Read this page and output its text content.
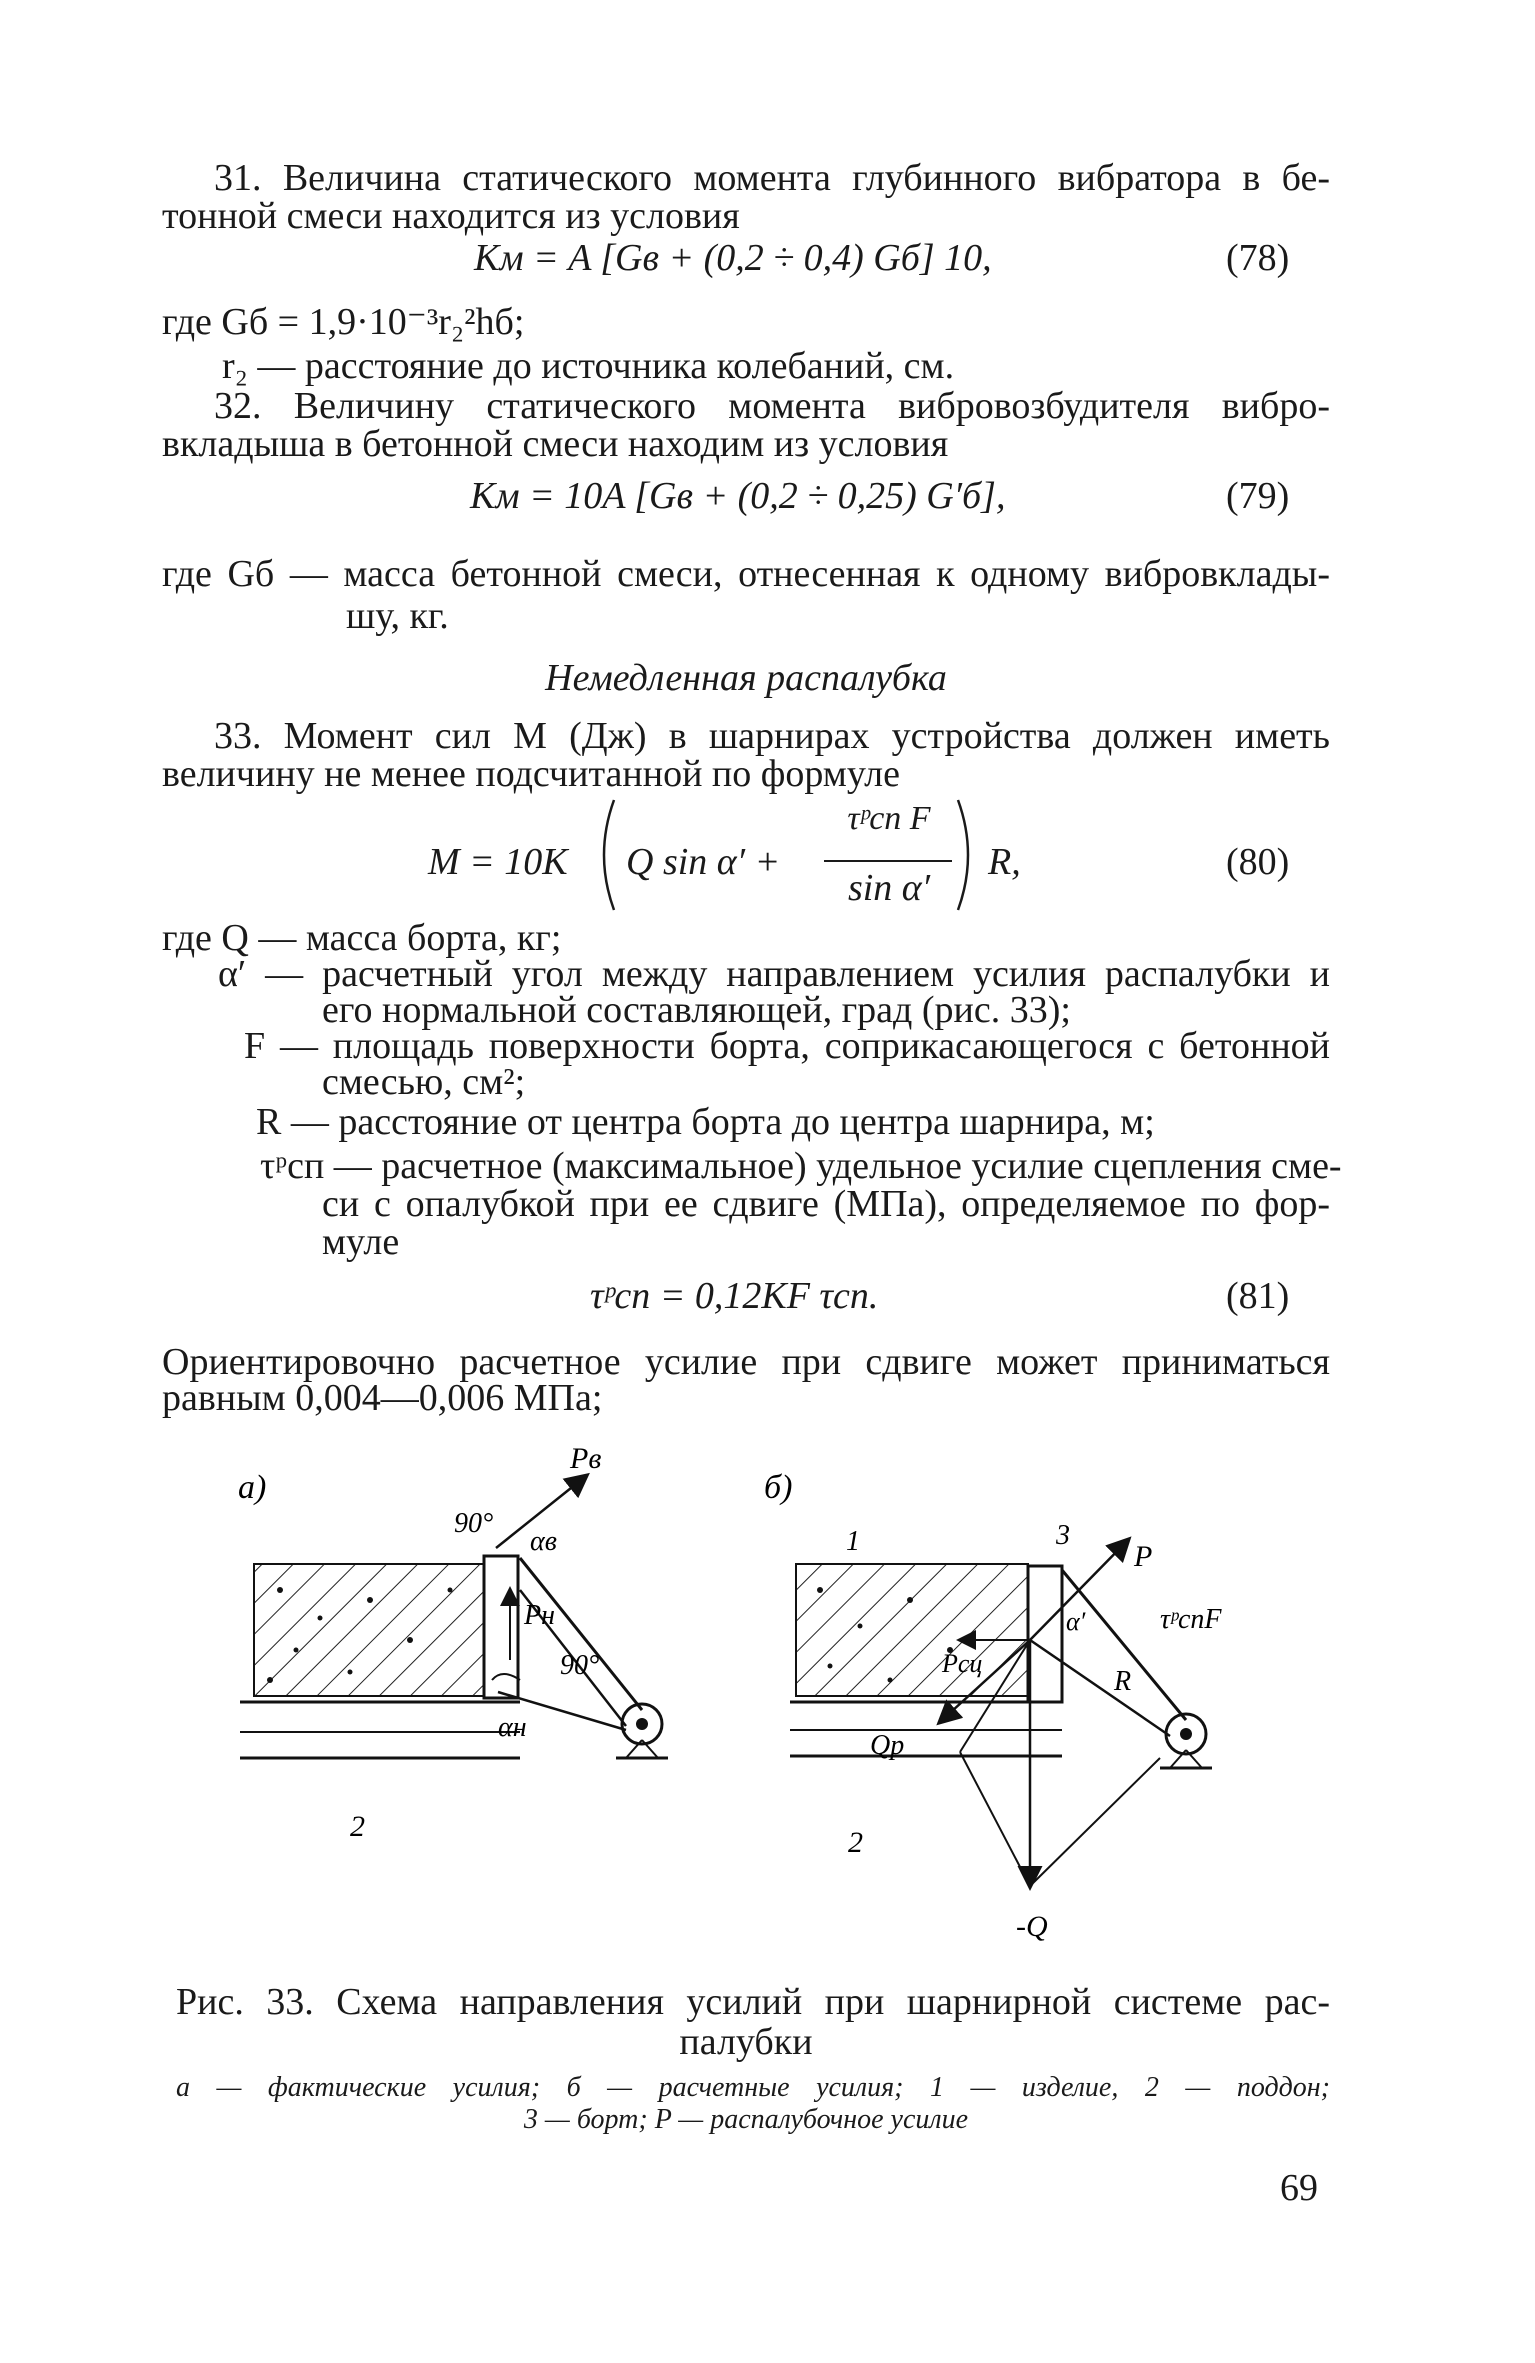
31. Величина статического момента глубинного вибратора в бе-
тонной смеси находится из условия
Kм = A [Gв + (0,2 ÷ 0,4) Gб] 10,	(78)
где Gб = 1,9·10⁻³r₂²hб;
r₂ — расстояние до источника колебаний, см.
32. Величину статического момента вибровозбудителя вибро-
вкладыша в бетонной смеси находим из условия
Kм = 10A [Gв + (0,2 ÷ 0,25) G′б],	(79)
где Gб — масса бетонной смеси, отнесенная к одному вибровклады-
шу, кг.
Немедленная распалубка
33. Момент сил M (Дж) в шарнирах устройства должен иметь
величину не менее подсчитанной по формуле
M = 10K Q sin α′ +
τᵖсп F
sin α′
R,	(80)
где Q — масса борта, кг;
α′ — расчетный угол между направлением усилия распалубки и
его нормальной составляющей, град (рис. 33);
F — площадь поверхности борта, соприкасающегося с бетонной
смесью, см²;
R — расстояние от центра борта до центра шарнира, м;
τᵖсп — расчетное (максимальное) удельное усилие сцепления сме-
си с опалубкой при ее сдвиге (МПа), определяемое по фор-
муле
τᵖсп = 0,12KF τсп.	(81)
Ориентировочно расчетное усилие при сдвиге может приниматься
равным 0,004—0,006 МПа;
а)
Pв
90°
αв
Pн
90°
αн
2
б)
1	3
P
τᵖспF
α′
Pсц
R
Qp
2
-Q
Рис. 33. Схема направления усилий при шарнирной системе рас-
палубки
а — фактические усилия; б — расчетные усилия; 1 — изделие, 2 — поддон;
3 — борт; P — распалубочное усилие
69
